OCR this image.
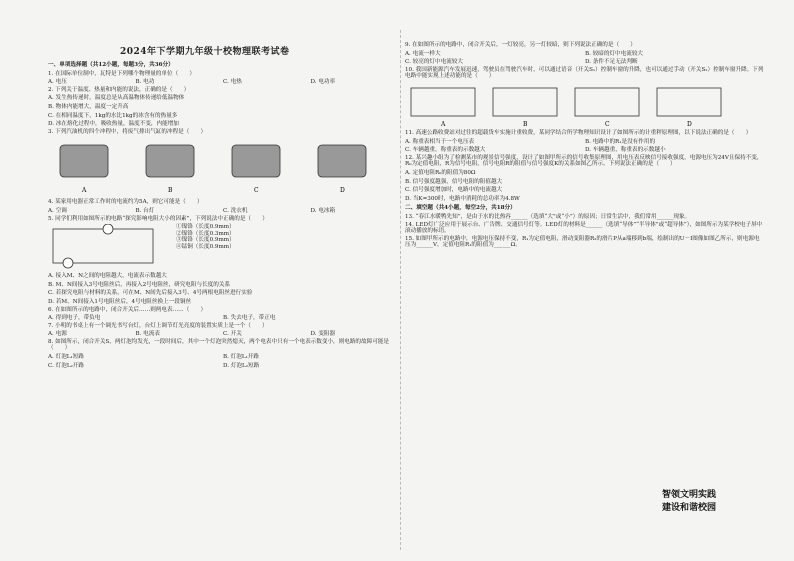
2024年下学期九年级十校物理联考试卷
一、单项选择题（共12小题，每题3分，共36分）
1. 在国际单位制中，瓦特是下列哪个物理量的单位（　　）
A. 电压	B. 电功	C. 电热	D. 电功率
2. 下列关于温度、热量和内能的说法，正确的是（　　）
A. 发生热传递时，温度总是从高温物体传递给低温物体
B. 物体内能增大，温度一定升高
C. 在相同温度下，1kg的水比1kg的冰含有的热量多
D. 冰在熔化过程中，吸收热量，温度不变，内能增加
3. 下列汽油机的四个冲程中，将废气排出气缸的冲程是（　　）
A	B	C	D
4. 某家用电器正常工作时的电流约为5A，则它可能是（　　）
A. 空调	B. 台灯	C. 洗衣机	D. 电冰箱
5. 同学们利用如图所示的电路“探究影响电阻大小的因素”，下列说法中正确的是（　　）
①镍铬（长度0.9mm）
②镍铬（长度0.3mm）
③镍铬（长度0.9mm）
④锰铜（长度0.9mm）
A. 接入M、N之间的电阻越大，电流表示数越大
B. M、N间接入3号电阻丝后，再接入2号电阻丝，研究电阻与长度的关系
C. 若探究电阻与材料的关系，可在M、N间先后接入3号、4号两根电阻丝进行实验
D. 若M、N间接入1号电阻丝后，4号电阻丝换上一段铜丝
6. 在如图所示的电路中，闭合开关后……则两电表……（　　）
A. 得到电子，带负电	B. 失去电子，带正电
7. 小明的书桌上有一个调光书写台灯，台灯上调节灯光亮度的装置实质上是一个（　　）
A. 电源	B. 电流表	C. 开关	D. 变阻器
8. 如图所示，闭合开关S，两灯泡均发光，一段时间后，其中一个灯泡突然熄灭，两个电表中只有一个电表示数变小，则电路的故障可能是（　　）
A. 灯泡L₁短路	B. 灯泡L₁开路
C. 灯泡L₂开路	D. 灯泡L₂短路
9. 在如图所示的电路中，闭合开关后，一灯较亮，另一灯较暗，则下列说法正确的是（　　）
A. 电流一样大	B. 较暗的灯中电流较大
C. 较亮的灯中电流较大	D. 条件不足无法判断
10. 我国新能源汽车发展迅速，驾驶员在驾驶汽车时，可以通过语音（开关S₁）控制车窗的升降，也可以通过手动（开关S₂）控制车窗升降。下列电路中能实现上述功能的是（　　）
A	B	C	D
11. 高速公路收费站对过往的超载货车实施计重收费，某同学结合所学物理知识设计了如图所示的计重秤原理图，以下说法正确的是（　　）
A. 称重表相当于一个电压表	B. 电路中的R₁是没有作用的
C. 车辆越重，称重表的示数越大	D. 车辆越重，称重表的示数越小
12. 某兴趣小组为了检测某市的观景信号强度，设计了如图甲所示的信号收集原理图，用电压表反映信号接收强度，电源电压为24V且保持不变，R₀为定值电阻，R为信号电阻，信号电阻R的阻值与信号强度K的关系如图乙所示。下列说法正确的是（　　）
A. 定值电阻R₀的阻值为80Ω
B. 信号强度越强，信号电阻的阻值越大
C. 信号强度增加时，电路中的电流越大
D. 当K=300时，电路中消耗的总功率为4.8W
二、填空题（共4小题，每空2分，共18分）
13. “春江水暖鸭先知”，是由于水的比热容______（选填“大”或“小”）的原因；日常生活中，我们常用______现象。
14. LED灯广泛应用于展示台、广告牌、交通信号灯等。LED灯的材料是______（选填“导体”“半导体”或“超导体”），如图所示为某学校电子屏中滚动播放的标语。
15. 如图甲所示的电路中，电源电压保持不变，R₁为定值电阻，滑动变阻器R₂的滑片P从a端移到b端，绘制出的U－I图像如图乙所示，则电源电压为______V，定值电阻R₁的阻值为______Ω。
智领文明实践
建设和谐校园
